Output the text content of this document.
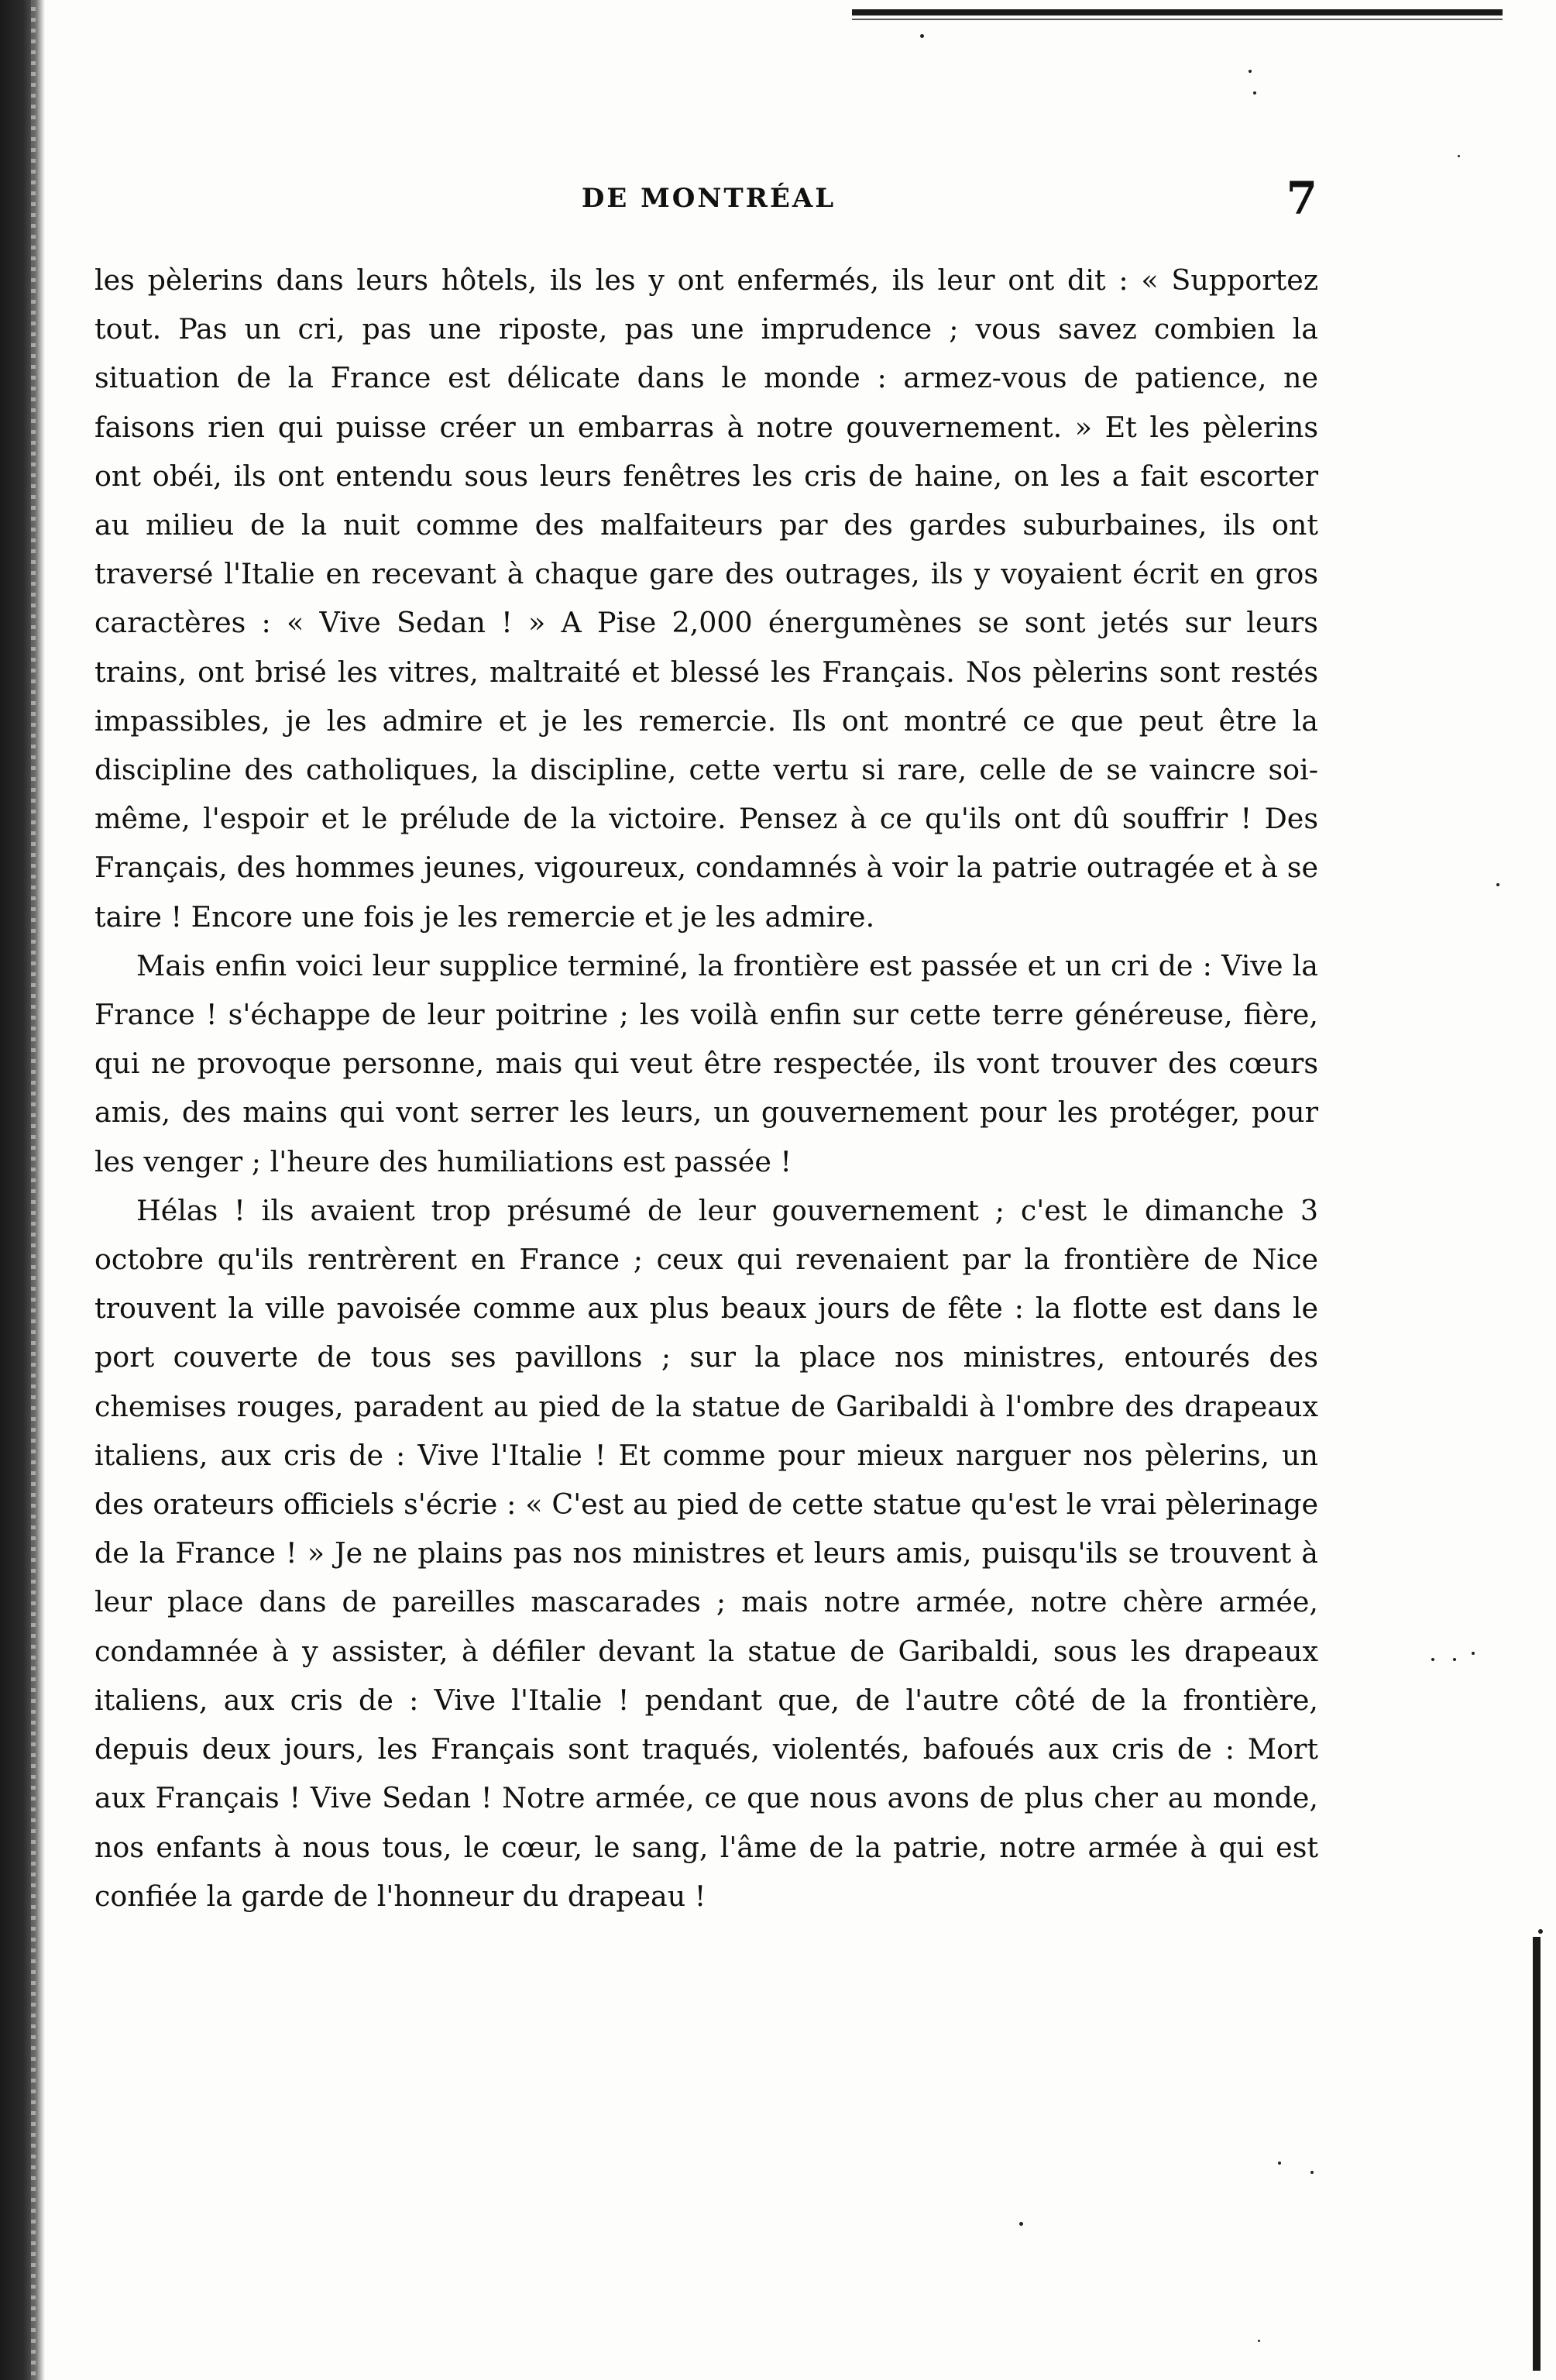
DE MONTRÉAL	7

les pèlerins dans leurs hôtels, ils les y ont enfermés, ils leur ont dit : « Supportez tout. Pas un cri, pas une riposte, pas une imprudence ; vous savez combien la situation de la France est délicate dans le monde : armez-vous de patience, ne faisons rien qui puisse créer un embarras à notre gouvernement. » Et les pèlerins ont obéi, ils ont entendu sous leurs fenêtres les cris de haine, on les a fait escorter au milieu de la nuit comme des malfaiteurs par des gardes suburbaines, ils ont traversé l'Italie en recevant à chaque gare des outrages, ils y voyaient écrit en gros caractères : « Vive Sedan ! » A Pise 2,000 énergumènes se sont jetés sur leurs trains, ont brisé les vitres, maltraité et blessé les Français. Nos pèlerins sont restés impassibles, je les admire et je les remercie. Ils ont montré ce que peut être la discipline des catholiques, la discipline, cette vertu si rare, celle de se vaincre soi-même, l'espoir et le prélude de la victoire. Pensez à ce qu'ils ont dû souffrir ! Des Français, des hommes jeunes, vigoureux, condamnés à voir la patrie outragée et à se taire ! Encore une fois je les remercie et je les admire.

Mais enfin voici leur supplice terminé, la frontière est passée et un cri de : Vive la France ! s'échappe de leur poitrine ; les voilà enfin sur cette terre généreuse, fière, qui ne provoque personne, mais qui veut être respectée, ils vont trouver des cœurs amis, des mains qui vont serrer les leurs, un gouvernement pour les protéger, pour les venger ; l'heure des humiliations est passée !

Hélas ! ils avaient trop présumé de leur gouvernement ; c'est le dimanche 3 octobre qu'ils rentrèrent en France ; ceux qui revenaient par la frontière de Nice trouvent la ville pavoisée comme aux plus beaux jours de fête : la flotte est dans le port couverte de tous ses pavillons ; sur la place nos ministres, entourés des chemises rouges, paradent au pied de la statue de Garibaldi à l'ombre des drapeaux italiens, aux cris de : Vive l'Italie ! Et comme pour mieux narguer nos pèlerins, un des orateurs officiels s'écrie : « C'est au pied de cette statue qu'est le vrai pèlerinage de la France ! » Je ne plains pas nos ministres et leurs amis, puisqu'ils se trouvent à leur place dans de pareilles mascarades ; mais notre armée, notre chère armée, condamnée à y assister, à défiler devant la statue de Garibaldi, sous les drapeaux italiens, aux cris de : Vive l'Italie ! pendant que, de l'autre côté de la frontière, depuis deux jours, les Français sont traqués, violentés, bafoués aux cris de : Mort aux Français ! Vive Sedan ! Notre armée, ce que nous avons de plus cher au monde, nos enfants à nous tous, le cœur, le sang, l'âme de la patrie, notre armée à qui est confiée la garde de l'honneur du drapeau !
